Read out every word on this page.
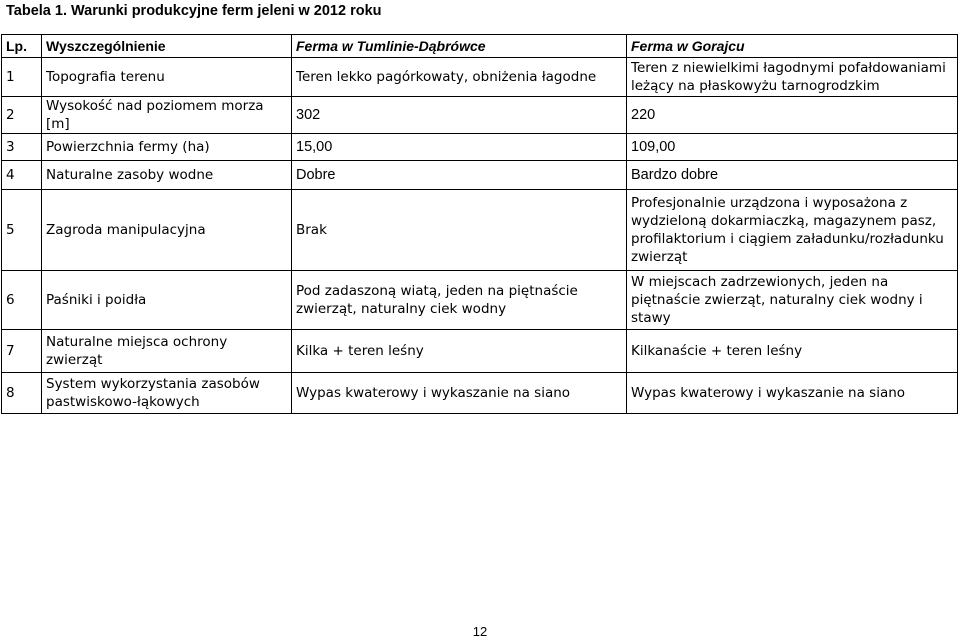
Tabela 1. Warunki produkcyjne ferm jeleni w 2012 roku
Lp.	Wyszczególnienie	Ferma w Tumlinie-Dąbrówce	Ferma w Gorajcu
1	Topografia terenu	Teren lekko pagórkowaty, obniżenia łagodne	Teren z niewielkimi łagodnymi pofałdowaniami leżący na płaskowyżu tarnogrodzkim
2	Wysokość nad poziomem morza [m]	302	220
3	Powierzchnia fermy (ha)	15,00	109,00
4	Naturalne zasoby wodne	Dobre	Bardzo dobre
5	Zagroda manipulacyjna	Brak	Profesjonalnie urządzona i wyposażona z wydzieloną dokarmiaczką, magazynem pasz, profilaktorium i ciągiem załadunku/rozładunku zwierząt
6	Paśniki i poidła	Pod zadaszoną wiatą, jeden na piętnaście zwierząt, naturalny ciek wodny	W miejscach zadrzewionych, jeden na piętnaście zwierząt, naturalny ciek wodny i stawy
7	Naturalne miejsca ochrony zwierząt	Kilka + teren leśny	Kilkanaście + teren leśny
8	System wykorzystania zasobów pastwiskowo-łąkowych	Wypas kwaterowy i wykaszanie na siano	Wypas kwaterowy i wykaszanie na siano
12
